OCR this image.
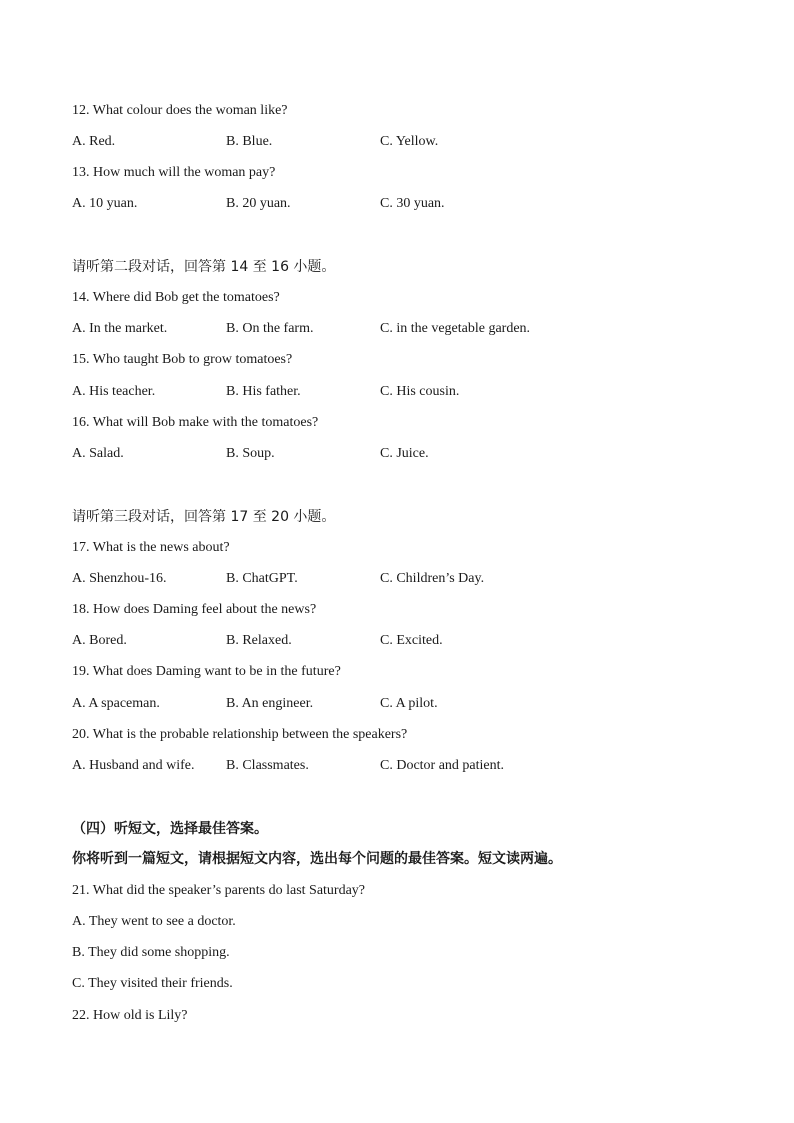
12. What colour does the woman like?
A. Red.	B. Blue.	C. Yellow.
13. How much will the woman pay?
A. 10 yuan.	B. 20 yuan.	C. 30 yuan.
请听第二段对话，回答第 14 至 16 小题。
14. Where did Bob get the tomatoes?
A. In the market.	B. On the farm.	C. in the vegetable garden.
15. Who taught Bob to grow tomatoes?
A. His teacher.	B. His father.	C. His cousin.
16. What will Bob make with the tomatoes?
A. Salad.	B. Soup.	C. Juice.
请听第三段对话，回答第 17 至 20 小题。
17. What is the news about?
A. Shenzhou-16.	B. ChatGPT.	C. Children’s Day.
18. How does Daming feel about the news?
A. Bored.	B. Relaxed.	C. Excited.
19. What does Daming want to be in the future?
A. A spaceman.	B. An engineer.	C. A pilot.
20. What is the probable relationship between the speakers?
A. Husband and wife. B. Classmates.	C. Doctor and patient.
（四）听短文，选择最佳答案。
你将听到一篇短文，请根据短文内容，选出每个问题的最佳答案。短文读两遍。
21. What did the speaker’s parents do last Saturday?
A. They went to see a doctor.
B. They did some shopping.
C. They visited their friends.
22. How old is Lily?
